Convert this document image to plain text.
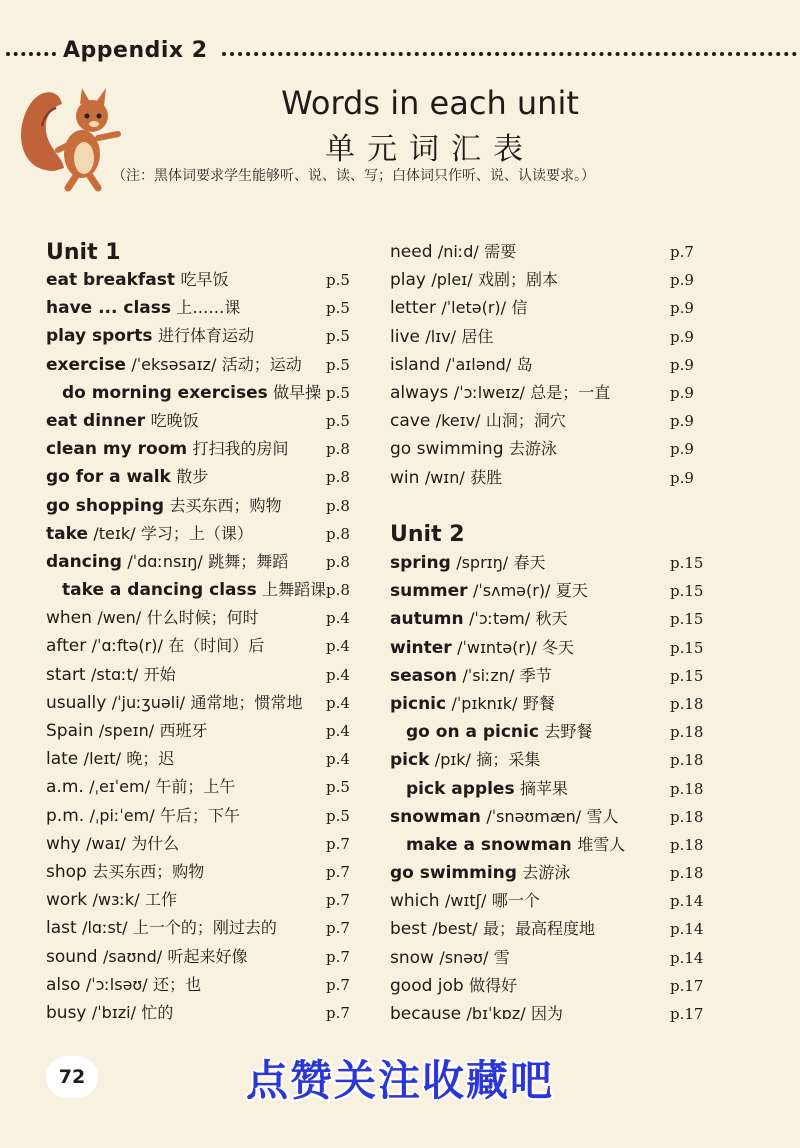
Appendix 2
Words in each unit
单元词汇表
（注：黑体词要求学生能够听、说、读、写；白体词只作听、说、认读要求。）
Unit 1
eat breakfast 吃早饭	p.5
have ... class 上……课	p.5
play sports 进行体育运动	p.5
exercise /ˈeksəsaɪz/ 活动；运动 p.5
do morning exercises 做早操 p.5
eat dinner 吃晚饭	p.5
clean my room 打扫我的房间 p.8
go for a walk 散步	p.8
go shopping 去买东西；购物	p.8
take /teɪk/ 学习；上（课）	p.8
dancing /ˈdɑːnsɪŋ/ 跳舞；舞蹈	p.8
take a dancing class 上舞蹈课 p.8
when /wen/ 什么时候；何时	p.4
after /ˈɑːftə(r)/ 在（时间）后	p.4
start /stɑːt/ 开始	p.4
usually /ˈjuːʒuəli/ 通常地；惯常地 p.4
Spain /speɪn/ 西班牙	p.4
late /leɪt/ 晚；迟	p.4
a.m. /ˌeɪˈem/ 午前；上午	p.5
p.m. /ˌpiːˈem/ 午后；下午	p.5
why /waɪ/ 为什么	p.7
shop 去买东西；购物	p.7
work /wɜːk/ 工作	p.7
last /lɑːst/ 上一个的；刚过去的	p.7
sound /saʊnd/ 听起来好像	p.7
also /ˈɔːlsəʊ/ 还；也	p.7
busy /ˈbɪzi/ 忙的	p.7
need /niːd/ 需要	p.7
play /pleɪ/ 戏剧；剧本	p.9
letter /ˈletə(r)/ 信	p.9
live /lɪv/ 居住	p.9
island /ˈaɪlənd/ 岛	p.9
always /ˈɔːlweɪz/ 总是；一直	p.9
cave /keɪv/ 山洞；洞穴	p.9
go swimming 去游泳	p.9
win /wɪn/ 获胜	p.9
Unit 2
spring /sprɪŋ/ 春天	p.15
summer /ˈsʌmə(r)/ 夏天	p.15
autumn /ˈɔːtəm/ 秋天	p.15
winter /ˈwɪntə(r)/ 冬天	p.15
season /ˈsiːzn/ 季节	p.15
picnic /ˈpɪknɪk/ 野餐	p.18
go on a picnic 去野餐	p.18
pick /pɪk/ 摘；采集	p.18
pick apples 摘苹果	p.18
snowman /ˈsnəʊmæn/ 雪人	p.18
make a snowman 堆雪人	p.18
go swimming 去游泳	p.18
which /wɪtʃ/ 哪一个	p.14
best /best/ 最；最高程度地	p.14
snow /snəʊ/ 雪	p.14
good job 做得好	p.17
because /bɪˈkɒz/ 因为	p.17
72	点赞关注收藏吧
